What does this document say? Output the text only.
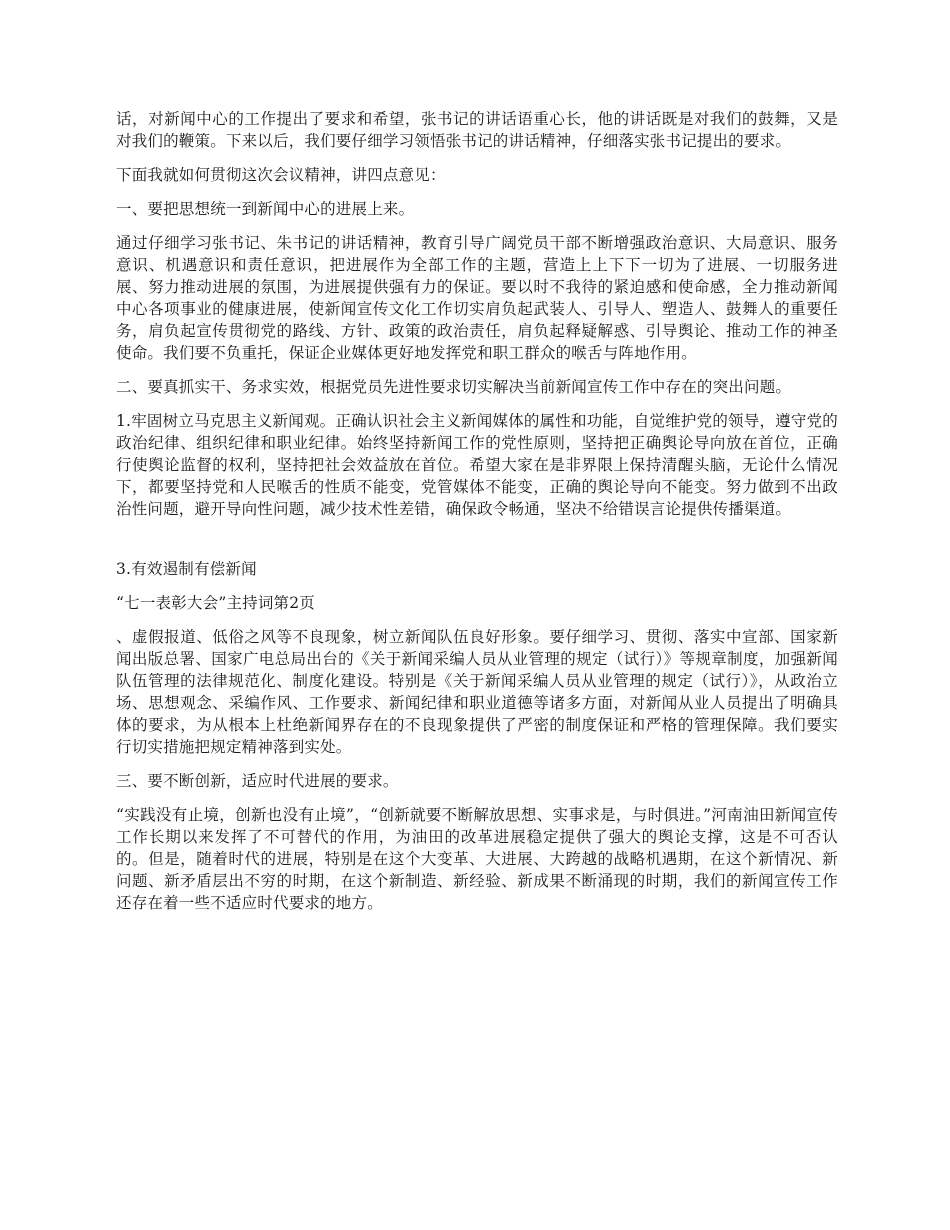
话，对新闻中心的工作提出了要求和希望，张书记的讲话语重心长，他的讲话既是对我们的鼓舞，又是对我们的鞭策。下来以后，我们要仔细学习领悟张书记的讲话精神，仔细落实张书记提出的要求。

下面我就如何贯彻这次会议精神，讲四点意见：

一、要把思想统一到新闻中心的进展上来。

通过仔细学习张书记、朱书记的讲话精神，教育引导广阔党员干部不断增强政治意识、大局意识、服务意识、机遇意识和责任意识，把进展作为全部工作的主题，营造上上下下一切为了进展、一切服务进展、努力推动进展的氛围，为进展提供强有力的保证。要以时不我待的紧迫感和使命感，全力推动新闻中心各项事业的健康进展，使新闻宣传文化工作切实肩负起武装人、引导人、塑造人、鼓舞人的重要任务，肩负起宣传贯彻党的路线、方针、政策的政治责任，肩负起释疑解惑、引导舆论、推动工作的神圣使命。我们要不负重托，保证企业媒体更好地发挥党和职工群众的喉舌与阵地作用。

二、要真抓实干、务求实效，根据党员先进性要求切实解决当前新闻宣传工作中存在的突出问题。

1.牢固树立马克思主义新闻观。正确认识社会主义新闻媒体的属性和功能，自觉维护党的领导，遵守党的政治纪律、组织纪律和职业纪律。始终坚持新闻工作的党性原则，坚持把正确舆论导向放在首位，正确行使舆论监督的权利，坚持把社会效益放在首位。希望大家在是非界限上保持清醒头脑，无论什么情况下，都要坚持党和人民喉舌的性质不能变，党管媒体不能变，正确的舆论导向不能变。努力做到不出政治性问题，避开导向性问题，减少技术性差错，确保政令畅通，坚决不给错误言论提供传播渠道。

3.有效遏制有偿新闻

“七一表彰大会”主持词第2页

、虚假报道、低俗之风等不良现象，树立新闻队伍良好形象。要仔细学习、贯彻、落实中宣部、国家新闻出版总署、国家广电总局出台的《关于新闻采编人员从业管理的规定（试行）》等规章制度，加强新闻队伍管理的法律规范化、制度化建设。特别是《关于新闻采编人员从业管理的规定（试行）》，从政治立场、思想观念、采编作风、工作要求、新闻纪律和职业道德等诸多方面，对新闻从业人员提出了明确具体的要求，为从根本上杜绝新闻界存在的不良现象提供了严密的制度保证和严格的管理保障。我们要实行切实措施把规定精神落到实处。

三、要不断创新，适应时代进展的要求。

“实践没有止境，创新也没有止境”，“创新就要不断解放思想、实事求是，与时俱进。”河南油田新闻宣传工作长期以来发挥了不可替代的作用，为油田的改革进展稳定提供了强大的舆论支撑，这是不可否认的。但是，随着时代的进展，特别是在这个大变革、大进展、大跨越的战略机遇期，在这个新情况、新问题、新矛盾层出不穷的时期，在这个新制造、新经验、新成果不断涌现的时期，我们的新闻宣传工作还存在着一些不适应时代要求的地方。
